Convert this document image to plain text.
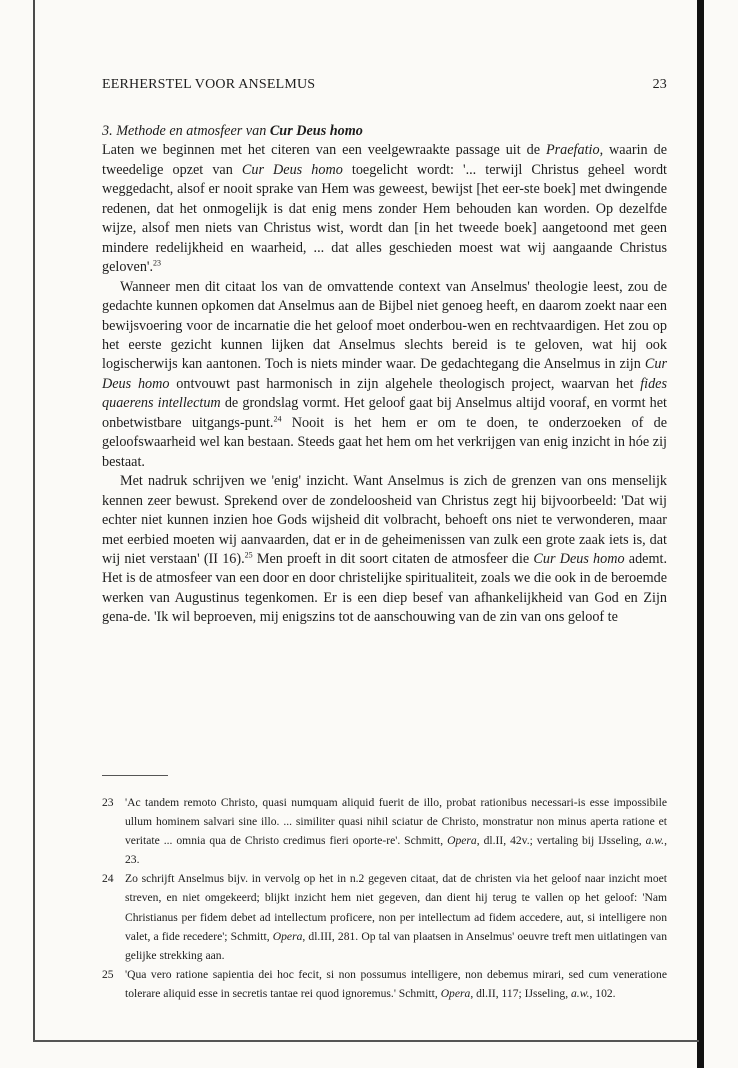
EERHERSTEL VOOR ANSELMUS	23

3. Methode en atmosfeer van Cur Deus homo

Laten we beginnen met het citeren van een veelgewraakte passage uit de Praefatio, waarin de tweedelige opzet van Cur Deus homo toegelicht wordt: '... terwijl Christus geheel wordt weggedacht, alsof er nooit sprake van Hem was geweest, bewijst [het eer-ste boek] met dwingende redenen, dat het onmogelijk is dat enig mens zonder Hem behouden kan worden. Op dezelfde wijze, alsof men niets van Christus wist, wordt dan [in het tweede boek] aangetoond met geen mindere redelijkheid en waarheid, ... dat alles geschieden moest wat wij aangaande Christus geloven'.$^{23}$

Wanneer men dit citaat los van de omvattende context van Anselmus' theologie leest, zou de gedachte kunnen opkomen dat Anselmus aan de Bijbel niet genoeg heeft, en daarom zoekt naar een bewijsvoering voor de incarnatie die het geloof moet onderbou-wen en rechtvaardigen. Het zou op het eerste gezicht kunnen lijken dat Anselmus slechts bereid is te geloven, wat hij ook logischerwijs kan aantonen. Toch is niets minder waar. De gedachtegang die Anselmus in zijn Cur Deus homo ontvouwt past harmonisch in zijn algehele theologisch project, waarvan het fides quaerens intellectum de grondslag vormt. Het geloof gaat bij Anselmus altijd vooraf, en vormt het onbetwistbare uitgangs-punt.$^{24}$ Nooit is het hem er om te doen, te onderzoeken of de geloofswaarheid wel kan bestaan. Steeds gaat het hem om het verkrijgen van enig inzicht in hóe zij bestaat.

Met nadruk schrijven we 'enig' inzicht. Want Anselmus is zich de grenzen van ons menselijk kennen zeer bewust. Sprekend over de zondeloosheid van Christus zegt hij bijvoorbeeld: 'Dat wij echter niet kunnen inzien hoe Gods wijsheid dit volbracht, behoeft ons niet te verwonderen, maar met eerbied moeten wij aanvaarden, dat er in de geheimenissen van zulk een grote zaak iets is, dat wij niet verstaan' (II 16).$^{25}$ Men proeft in dit soort citaten de atmosfeer die Cur Deus homo ademt. Het is de atmosfeer van een door en door christelijke spiritualiteit, zoals we die ook in de beroemde werken van Augustinus tegenkomen. Er is een diep besef van afhankelijkheid van God en Zijn gena-de. 'Ik wil beproeven, mij enigszins tot de aanschouwing van de zin van ons geloof te

23 'Ac tandem remoto Christo, quasi numquam aliquid fuerit de illo, probat rationibus necessari-is esse impossibile ullum hominem salvari sine illo. ... similiter quasi nihil sciatur de Christo, monstratur non minus aperta ratione et veritate ... omnia qua de Christo credimus fieri oporte-re'. Schmitt, Opera, dl.II, 42v.; vertaling bij IJsseling, a.w., 23.
24 Zo schrijft Anselmus bijv. in vervolg op het in n.2 gegeven citaat, dat de christen via het geloof naar inzicht moet streven, en niet omgekeerd; blijkt inzicht hem niet gegeven, dan dient hij terug te vallen op het geloof: 'Nam Christianus per fidem debet ad intellectum proficere, non per intellectum ad fidem accedere, aut, si intelligere non valet, a fide recedere'; Schmitt, Opera, dl.III, 281. Op tal van plaatsen in Anselmus' oeuvre treft men uitlatingen van gelijke strekking aan.
25 'Qua vero ratione sapientia dei hoc fecit, si non possumus intelligere, non debemus mirari, sed cum veneratione tolerare aliquid esse in secretis tantae rei quod ignoremus.' Schmitt, Opera, dl.II, 117; IJsseling, a.w., 102.
